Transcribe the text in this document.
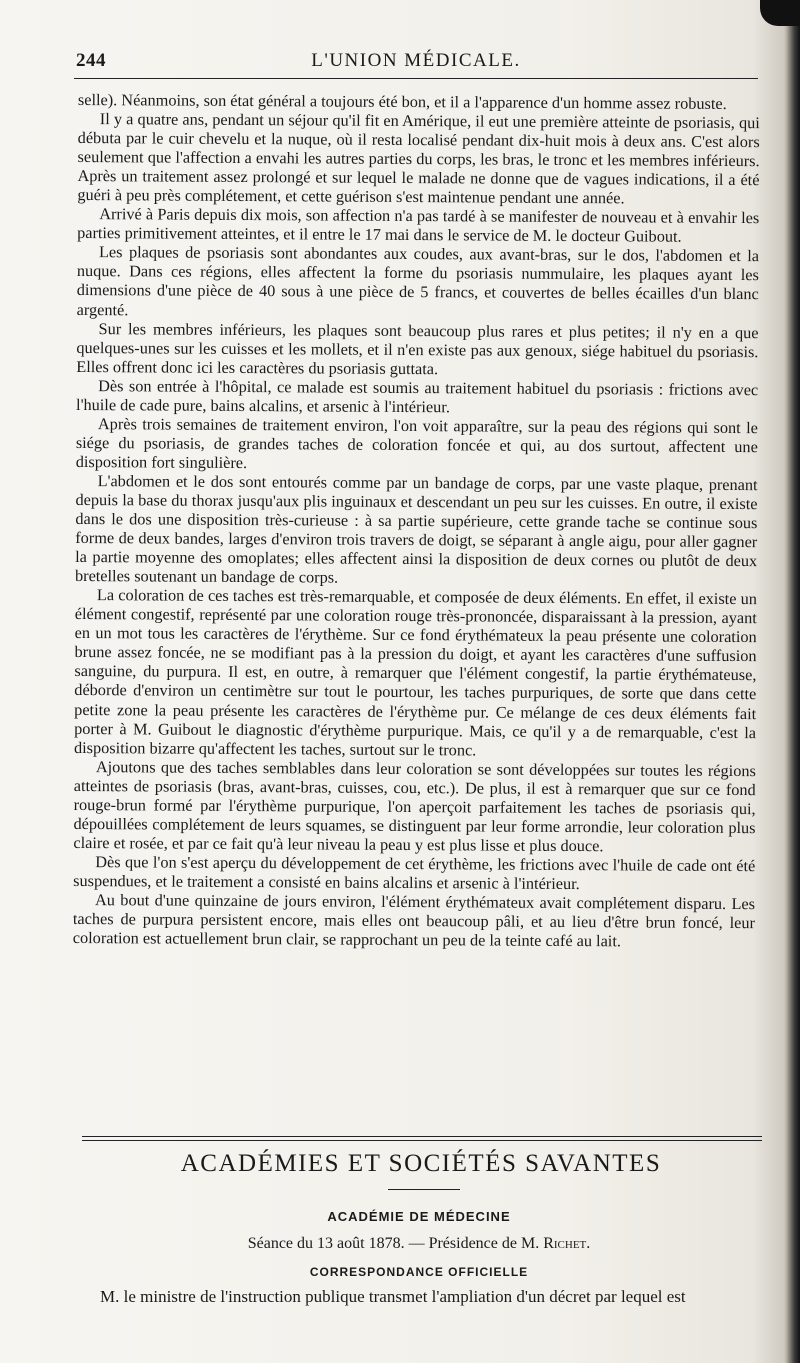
244	L'UNION MÉDICALE.

selle). Néanmoins, son état général a toujours été bon, et il a l'apparence d'un homme assez robuste.

Il y a quatre ans, pendant un séjour qu'il fit en Amérique, il eut une première atteinte de psoriasis, qui débuta par le cuir chevelu et la nuque, où il resta localisé pendant dix-huit mois à deux ans. C'est alors seulement que l'affection a envahi les autres parties du corps, les bras, le tronc et les membres inférieurs. Après un traitement assez prolongé et sur lequel le malade ne donne que de vagues indications, il a été guéri à peu près complétement, et cette guérison s'est maintenue pendant une année.

Arrivé à Paris depuis dix mois, son affection n'a pas tardé à se manifester de nouveau et à envahir les parties primitivement atteintes, et il entre le 17 mai dans le service de M. le docteur Guibout.

Les plaques de psoriasis sont abondantes aux coudes, aux avant-bras, sur le dos, l'abdomen et la nuque. Dans ces régions, elles affectent la forme du psoriasis nummulaire, les plaques ayant les dimensions d'une pièce de 40 sous à une pièce de 5 francs, et couvertes de belles écailles d'un blanc argenté.

Sur les membres inférieurs, les plaques sont beaucoup plus rares et plus petites; il n'y en a que quelques-unes sur les cuisses et les mollets, et il n'en existe pas aux genoux, siége habituel du psoriasis. Elles offrent donc ici les caractères du psoriasis guttata.

Dès son entrée à l'hôpital, ce malade est soumis au traitement habituel du psoriasis : frictions avec l'huile de cade pure, bains alcalins, et arsenic à l'intérieur.

Après trois semaines de traitement environ, l'on voit apparaître, sur la peau des régions qui sont le siége du psoriasis, de grandes taches de coloration foncée et qui, au dos surtout, affectent une disposition fort singulière.

L'abdomen et le dos sont entourés comme par un bandage de corps, par une vaste plaque, prenant depuis la base du thorax jusqu'aux plis inguinaux et descendant un peu sur les cuisses. En outre, il existe dans le dos une disposition très-curieuse : à sa partie supérieure, cette grande tache se continue sous forme de deux bandes, larges d'environ trois travers de doigt, se séparant à angle aigu, pour aller gagner la partie moyenne des omoplates; elles affectent ainsi la disposition de deux cornes ou plutôt de deux bretelles soutenant un bandage de corps.

La coloration de ces taches est très-remarquable, et composée de deux éléments. En effet, il existe un élément congestif, représenté par une coloration rouge très-prononcée, disparaissant à la pression, ayant en un mot tous les caractères de l'érythème. Sur ce fond érythémateux la peau présente une coloration brune assez foncée, ne se modifiant pas à la pression du doigt, et ayant les caractères d'une suffusion sanguine, du purpura. Il est, en outre, à remarquer que l'élément congestif, la partie érythémateuse, déborde d'environ un centimètre sur tout le pourtour, les taches purpuriques, de sorte que dans cette petite zone la peau présente les caractères de l'érythème pur. Ce mélange de ces deux éléments fait porter à M. Guibout le diagnostic d'érythème purpurique. Mais, ce qu'il y a de remarquable, c'est la disposition bizarre qu'affectent les taches, surtout sur le tronc.

Ajoutons que des taches semblables dans leur coloration se sont développées sur toutes les régions atteintes de psoriasis (bras, avant-bras, cuisses, cou, etc.). De plus, il est à remarquer que sur ce fond rouge-brun formé par l'érythème purpurique, l'on aperçoit parfaitement les taches de psoriasis qui, dépouillées complétement de leurs squames, se distinguent par leur forme arrondie, leur coloration plus claire et rosée, et par ce fait qu'à leur niveau la peau y est plus lisse et plus douce.

Dès que l'on s'est aperçu du développement de cet érythème, les frictions avec l'huile de cade ont été suspendues, et le traitement a consisté en bains alcalins et arsenic à l'intérieur.

Au bout d'une quinzaine de jours environ, l'élément érythémateux avait complétement disparu. Les taches de purpura persistent encore, mais elles ont beaucoup pâli, et au lieu d'être brun foncé, leur coloration est actuellement brun clair, se rapprochant un peu de la teinte café au lait.

ACADÉMIES ET SOCIÉTÉS SAVANTES
ACADÉMIE DE MÉDECINE
Séance du 13 août 1878. — Présidence de M. Richet.
CORRESPONDANCE OFFICIELLE
M. le ministre de l'instruction publique transmet l'ampliation d'un décret par lequel est
